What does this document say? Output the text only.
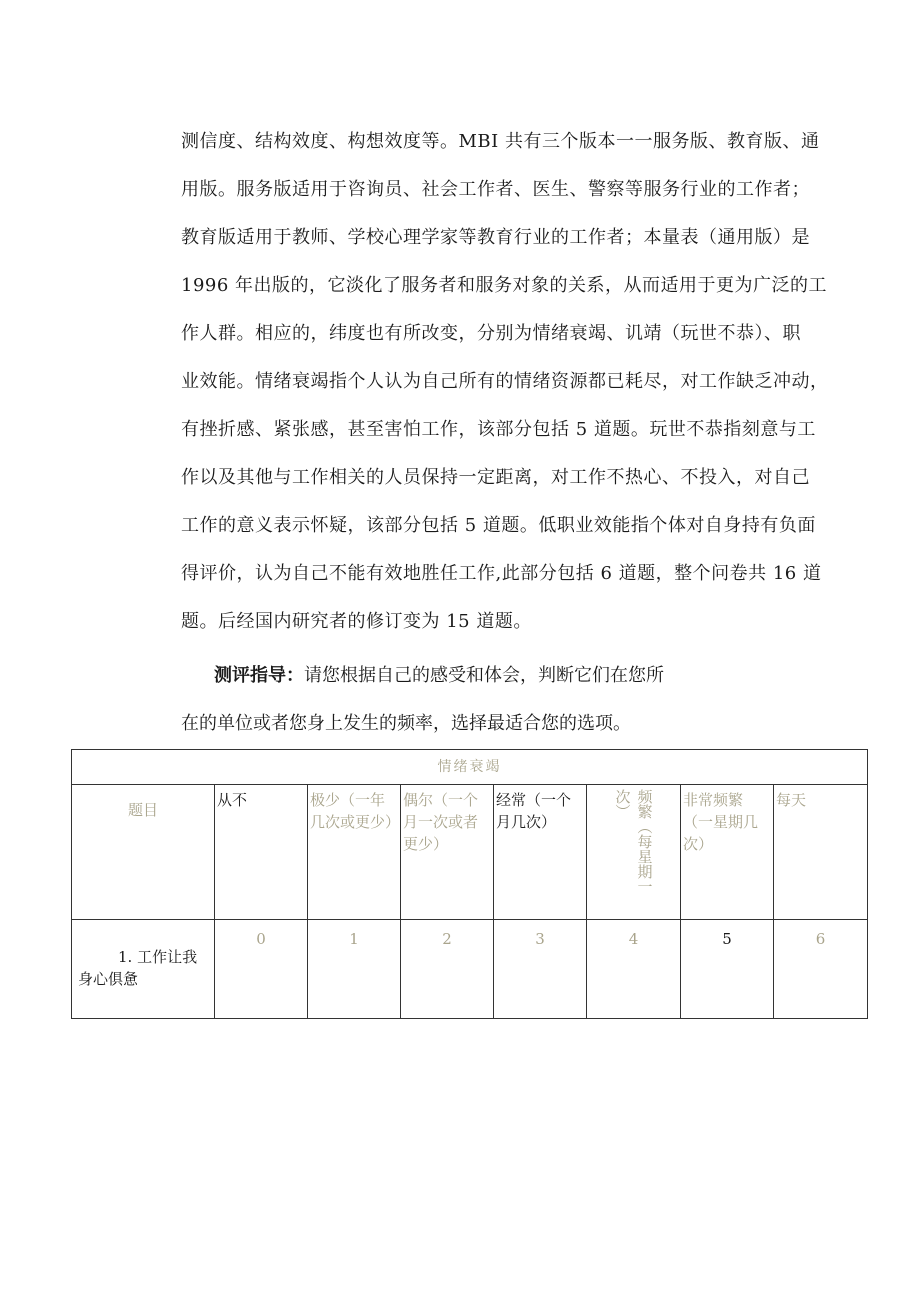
测信度、结构效度、构想效度等。MBI 共有三个版本一一服务版、教育版、通
用版。服务版适用于咨询员、社会工作者、医生、警察等服务行业的工作者；
教育版适用于教师、学校心理学家等教育行业的工作者；本量表（通用版）是
1996 年出版的，它淡化了服务者和服务对象的关系，从而适用于更为广泛的工
作人群。相应的，纬度也有所改变，分别为情绪衰竭、讥靖（玩世不恭）、职
业效能。情绪衰竭指个人认为自己所有的情绪资源都已耗尽，对工作缺乏冲动，
有挫折感、紧张感，甚至害怕工作，该部分包括 5 道题。玩世不恭指刻意与工
作以及其他与工作相关的人员保持一定距离，对工作不热心、不投入，对自己
工作的意义表示怀疑，该部分包括 5 道题。低职业效能指个体对自身持有负面
得评价，认为自己不能有效地胜任工作,此部分包括 6 道题，整个问卷共 16 道
题。后经国内研究者的修订变为 15 道题。
测评指导：请您根据自己的感受和体会，判断它们在您所
在的单位或者您身上发生的频率，选择最适合您的选项。
情绪衰竭							
题目	从不	极少（一年几次或更少）	偶尔（一个月一次或者更少）	经常（一个月几次）	频繁（每星期一次）	非常频繁（一星期几次）	每天
1. 工作让我身心俱惫	0	1	2	3	4	5	6
